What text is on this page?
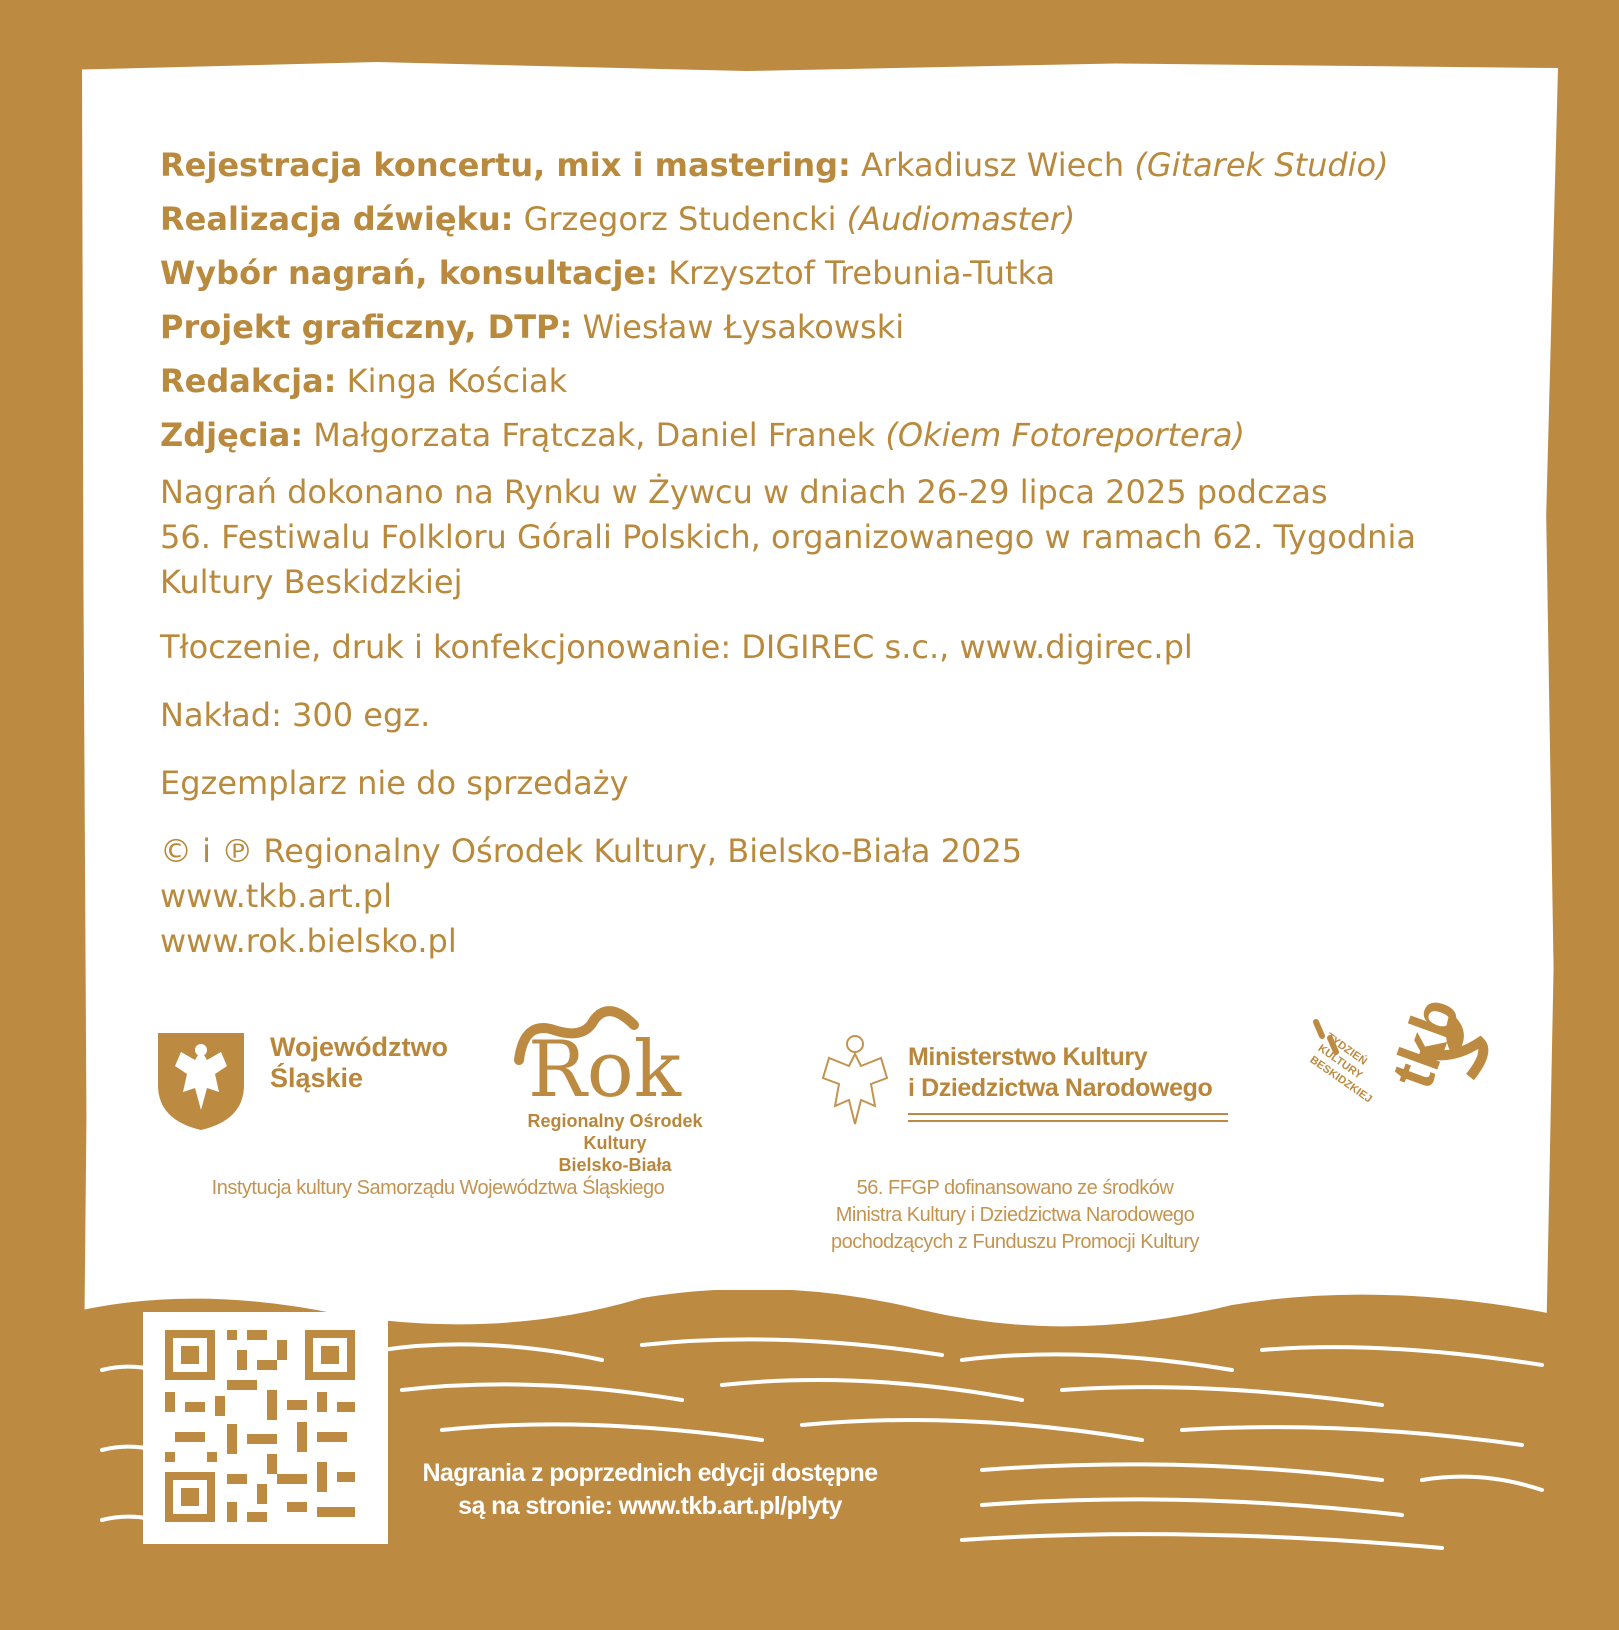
Rejestracja koncertu, mix i mastering: Arkadiusz Wiech (Gitarek Studio)
Realizacja dźwięku: Grzegorz Studencki (Audiomaster)
Wybór nagrań, konsultacje: Krzysztof Trebunia-Tutka
Projekt graficzny, DTP: Wiesław Łysakowski
Redakcja: Kinga Kościak
Zdjęcia: Małgorzata Frątczak, Daniel Franek (Okiem Fotoreportera)
Nagrań dokonano na Rynku w Żywcu w dniach 26-29 lipca 2025 podczas
56. Festiwalu Folkloru Górali Polskich, organizowanego w ramach 62. Tygodnia
Kultury Beskidzkiej
Tłoczenie, druk i konfekcjonowanie: DIGIREC s.c., www.digirec.pl
Nakład: 300 egz.
Egzemplarz nie do sprzedaży
© i ℗ Regionalny Ośrodek Kultury, Bielsko-Biała 2025
www.tkb.art.pl
www.rok.bielsko.pl
Województwo
Śląskie	Rok
Regionalny Ośrodek Kultury
Bielsko-Biała
Ministerstwo Kultury
i Dziedzictwa Narodowego	tkb
TYDZIEŃ KULTURY BESKIDZKIEJ
Instytucja kultury Samorządu Województwa Śląskiego	56. FFGP dofinansowano ze środków
Ministra Kultury i Dziedzictwa Narodowego
pochodzących z Funduszu Promocji Kultury
Nagrania z poprzednich edycji dostępne
są na stronie: www.tkb.art.pl/plyty
